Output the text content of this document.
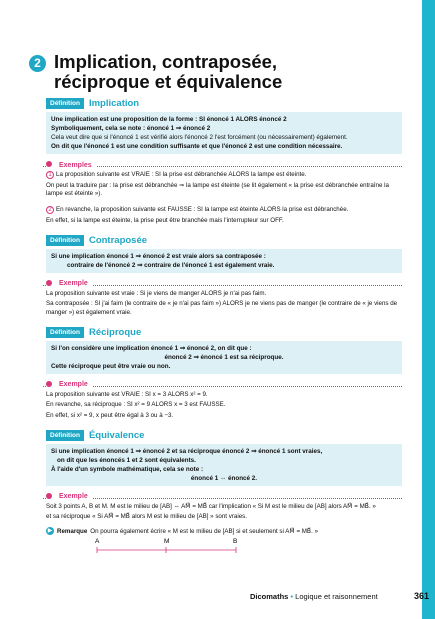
2 Implication, contraposée,
réciproque et équivalence
Définition Implication
Une implication est une proposition de la forme : SI énoncé 1 ALORS énoncé 2
Symboliquement, cela se note : énoncé 1 ⇒ énoncé 2
Cela veut dire que si l'énoncé 1 est vérifié alors l'énoncé 2 l'est forcément (ou nécessairement) également.
On dit que l'énoncé 1 est une condition suffisante et que l'énoncé 2 est une condition nécessaire.
Exemples
1 La proposition suivante est VRAIE : SI la prise est débranchée ALORS la lampe est éteinte.
On peut la traduire par : la prise est débranchée ⇒ la lampe est éteinte (se lit également « la prise est débranchée entraîne la lampe est éteinte »).
2 En revanche, la proposition suivante est FAUSSE : SI la lampe est éteinte ALORS la prise est débranchée.
En effet, si la lampe est éteinte, la prise peut être branchée mais l'interrupteur sur OFF.
Définition Contraposée
Si une implication énoncé 1 ⇒ énoncé 2 est vraie alors sa contraposée :
contraire de l'énoncé 2 ⇒ contraire de l'énoncé 1 est également vraie.
Exemple
La proposition suivante est vraie : Si je viens de manger ALORS je n'ai pas faim.
Sa contraposée : SI j'ai faim (le contraire de « je n'ai pas faim ») ALORS je ne viens pas de manger (le contraire de « je viens de manger ») est également vraie.
Définition Réciproque
Si l'on considère une implication énoncé 1 ⇒ énoncé 2, on dit que :
énoncé 2 ⇒ énoncé 1 est sa réciproque.
Cette réciproque peut être vraie ou non.
Exemple
La proposition suivante est VRAIE : SI x = 3 ALORS x² = 9.
En revanche, sa réciproque : SI x² = 9 ALORS x = 3 est FAUSSE.
En effet, si x² = 9, x peut être égal à 3 ou à −3.
Définition Équivalence
Si une implication énoncé 1 ⇒ énoncé 2 et sa réciproque énoncé 2 ⇒ énoncé 1 sont vraies,
on dit que les énoncés 1 et 2 sont équivalents.
À l'aide d'un symbole mathématique, cela se note :
énoncé 1 ⇔ énoncé 2.
Exemple
Soit 3 points A, B et M. M est le milieu de [AB] ⇔ AM⃗ = MB⃗ car l'implication « Si M est le milieu de [AB] alors AM⃗ = MB⃗. »
et sa réciproque « Si AM⃗ = MB⃗ alors M est le milieu de [AB] » sont vraies.
▶ Remarque On pourra également écrire « M est le milieu de [AB] si et seulement si AM⃗ = MB⃗. »
A	M	B
Dicomaths • Logique et raisonnement	361
